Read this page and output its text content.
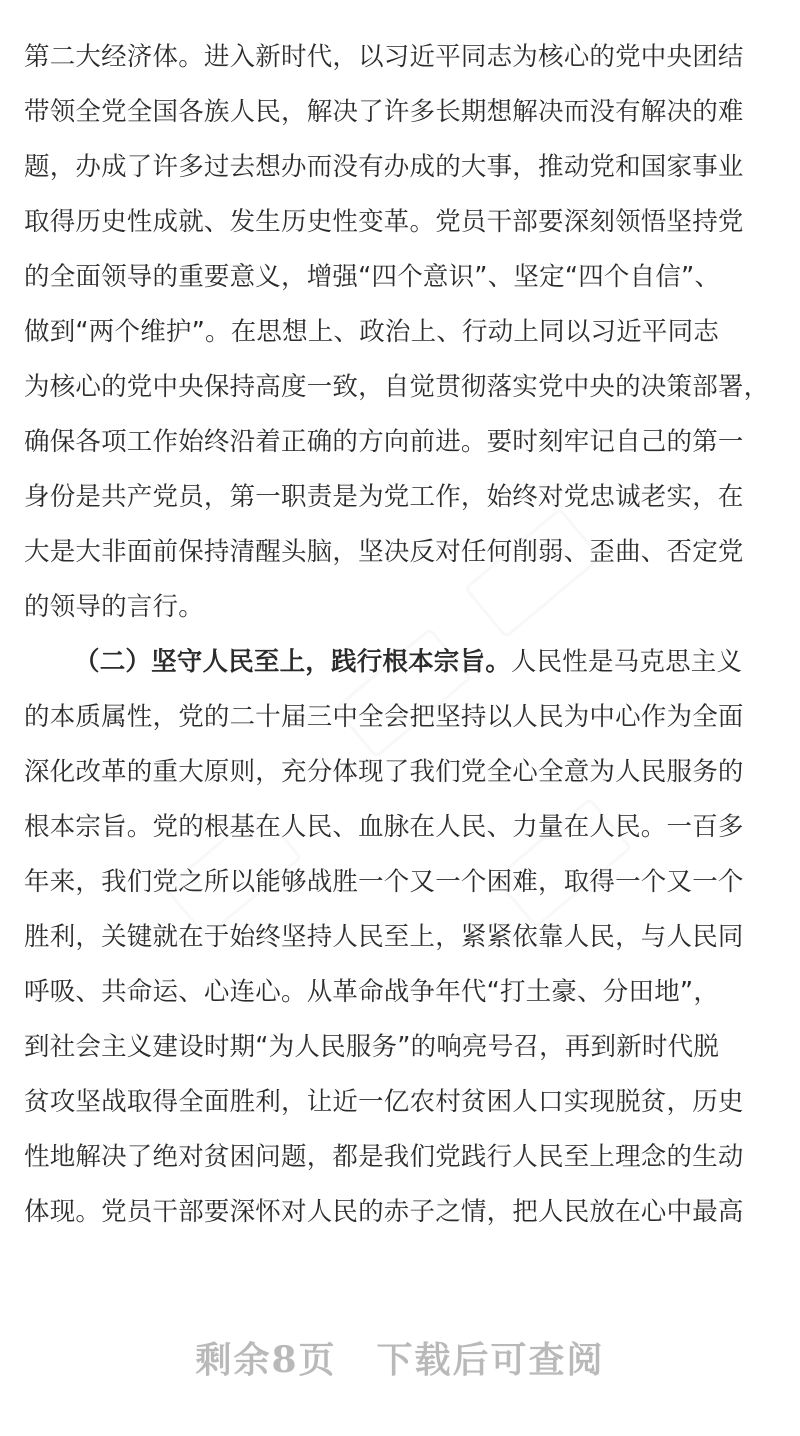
第二大经济体。进入新时代，以习近平同志为核心的党中央团结
带领全党全国各族人民，解决了许多长期想解决而没有解决的难
题，办成了许多过去想办而没有办成的大事，推动党和国家事业
取得历史性成就、发生历史性变革。党员干部要深刻领悟坚持党
的全面领导的重要意义，增强“四个意识”、坚定“四个自信”、
做到“两个维护”。在思想上、政治上、行动上同以习近平同志
为核心的党中央保持高度一致，自觉贯彻落实党中央的决策部署，
确保各项工作始终沿着正确的方向前进。要时刻牢记自己的第一
身份是共产党员，第一职责是为党工作，始终对党忠诚老实，在
大是大非面前保持清醒头脑，坚决反对任何削弱、歪曲、否定党
的领导的言行。
（二）坚守人民至上，践行根本宗旨。人民性是马克思主义
的本质属性，党的二十届三中全会把坚持以人民为中心作为全面
深化改革的重大原则，充分体现了我们党全心全意为人民服务的
根本宗旨。党的根基在人民、血脉在人民、力量在人民。一百多
年来，我们党之所以能够战胜一个又一个困难，取得一个又一个
胜利，关键就在于始终坚持人民至上，紧紧依靠人民，与人民同
呼吸、共命运、心连心。从革命战争年代“打土豪、分田地”，
到社会主义建设时期“为人民服务”的响亮号召，再到新时代脱
贫攻坚战取得全面胜利，让近一亿农村贫困人口实现脱贫，历史
性地解决了绝对贫困问题，都是我们党践行人民至上理念的生动
体现。党员干部要深怀对人民的赤子之情，把人民放在心中最高
剩余8页 下载后可查阅
